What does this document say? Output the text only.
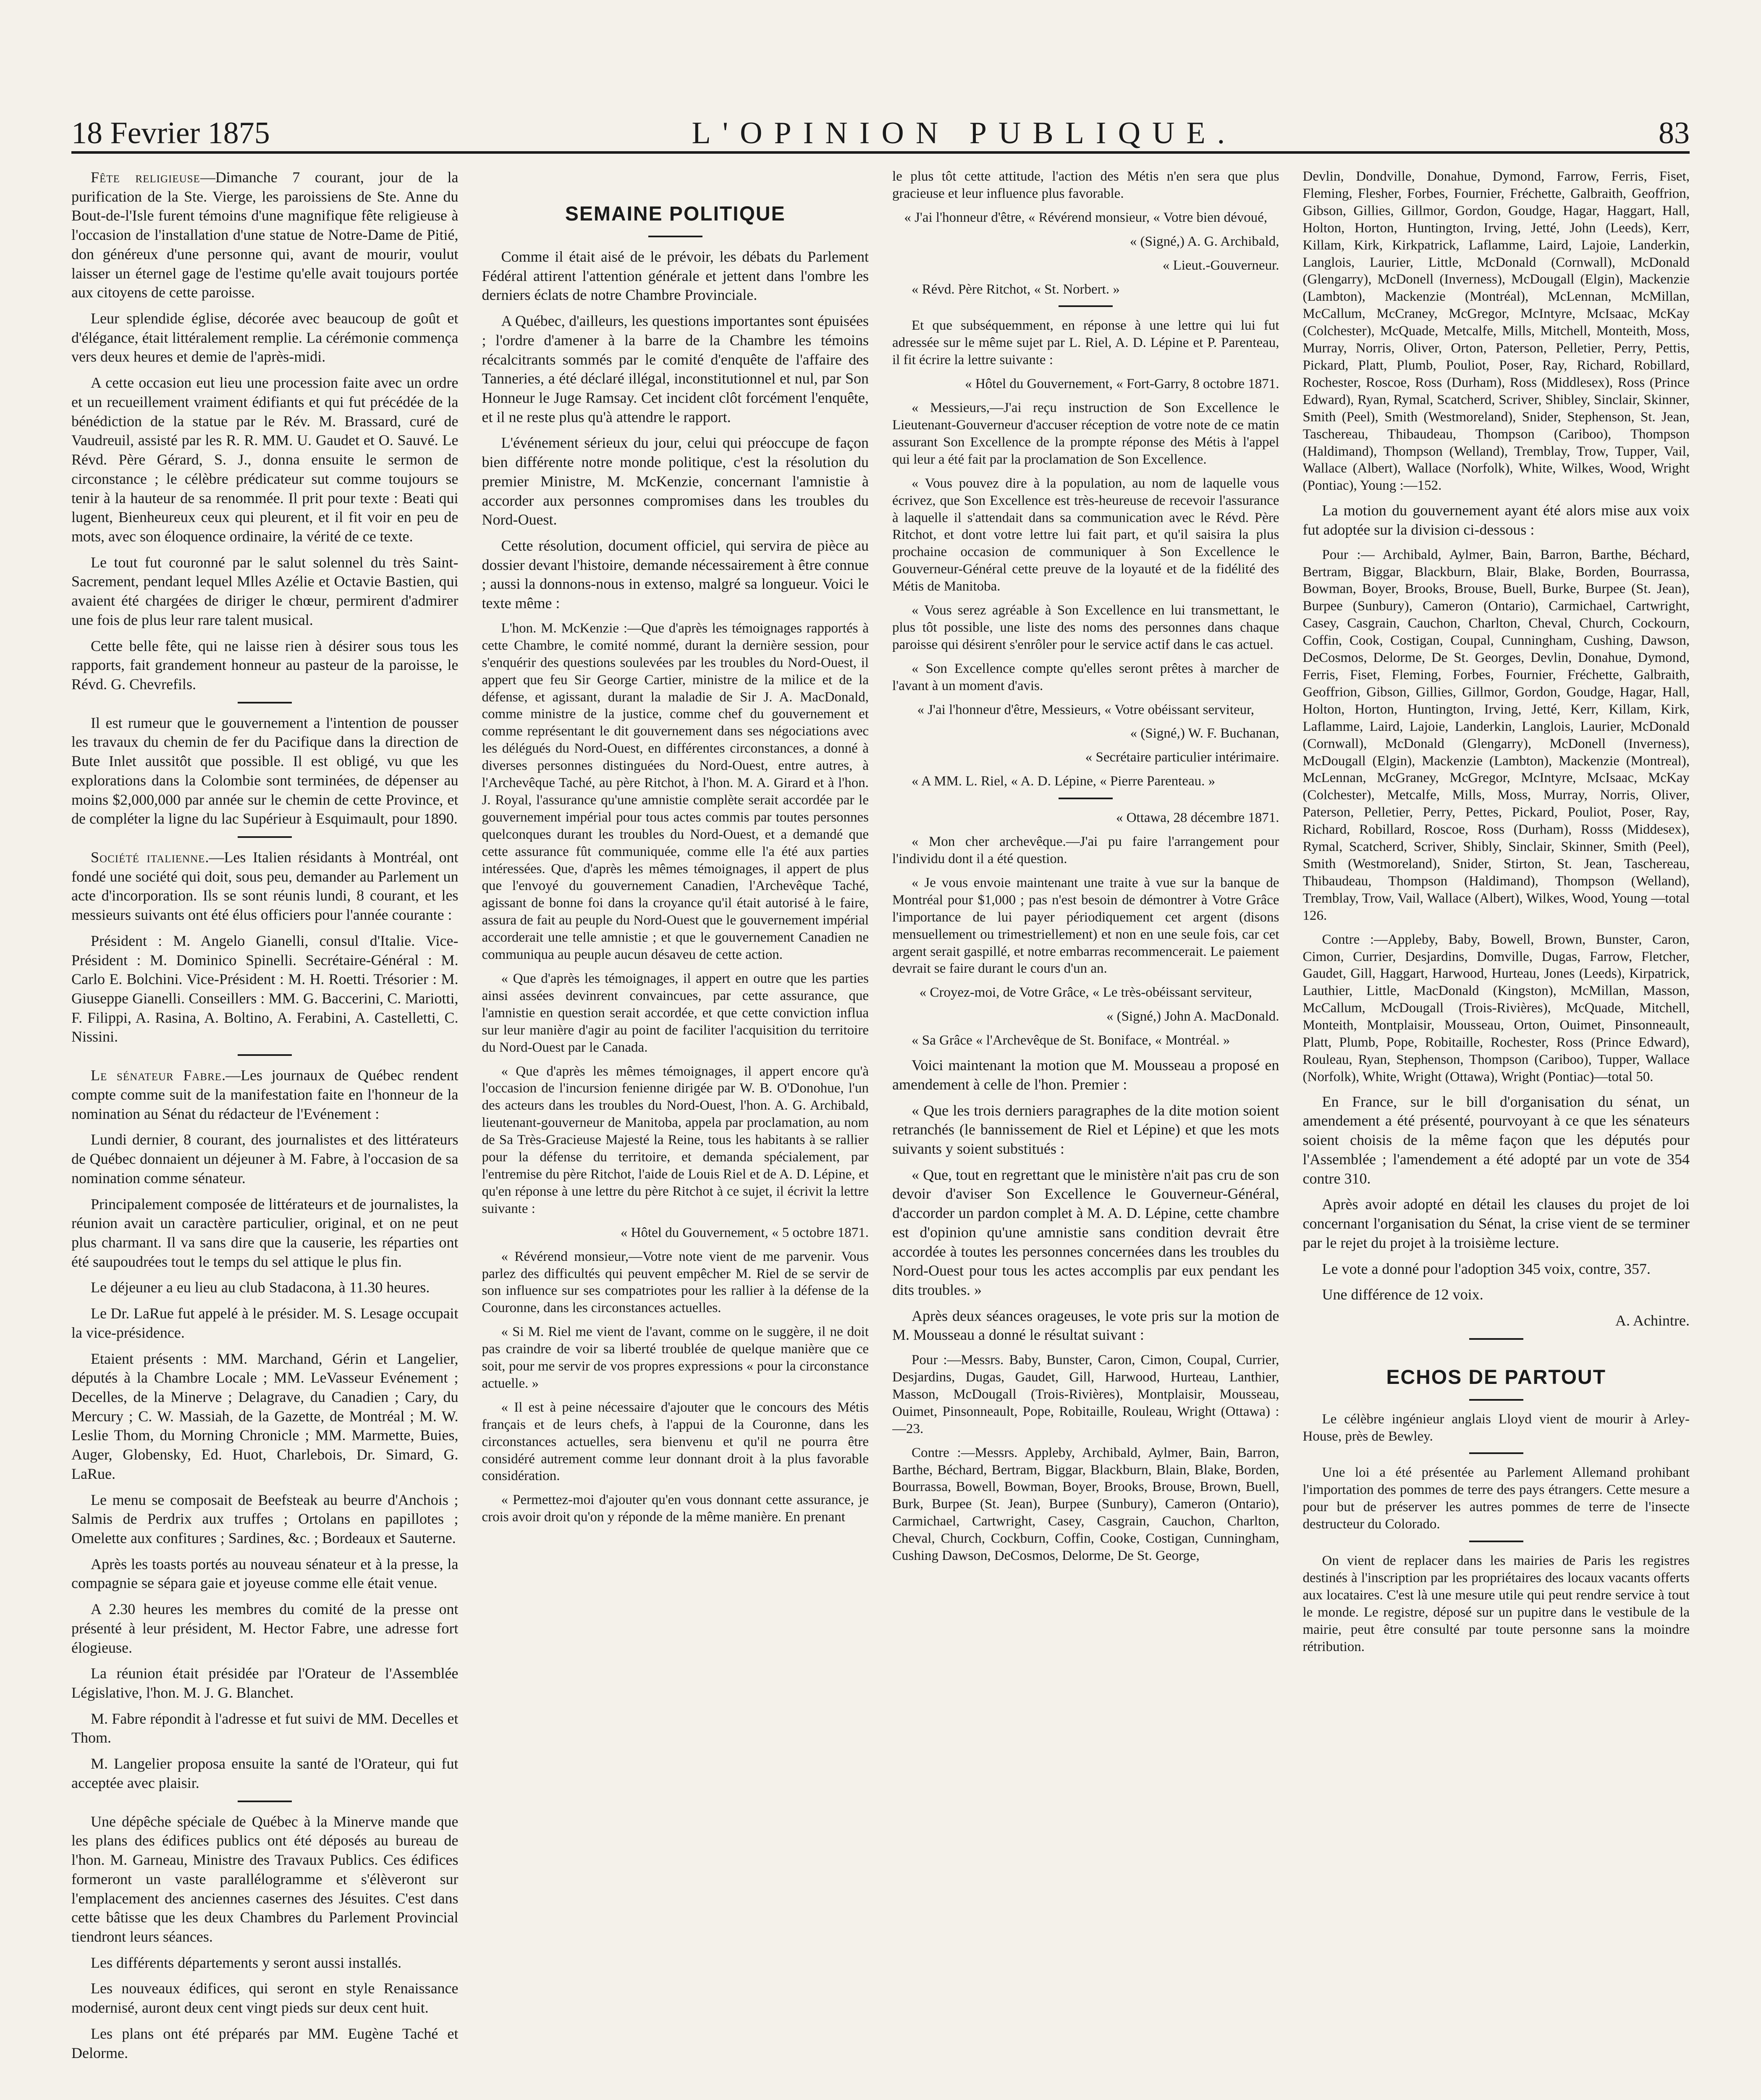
18 Fevrier 1875	L'OPINION PUBLIQUE.	83

Fête religieuse—Dimanche 7 courant, jour de la purification de la Ste. Vierge, les paroissiens de Ste. Anne du Bout-de-l'Isle furent témoins d'une magnifique fête religieuse à l'occasion de l'installation d'une statue de Notre-Dame de Pitié, don généreux d'une personne qui, avant de mourir, voulut laisser un éternel gage de l'estime qu'elle avait toujours portée aux citoyens de cette paroisse.

Leur splendide église, décorée avec beaucoup de goût et d'élégance, était littéralement remplie. La cérémonie commença vers deux heures et demie de l'après-midi.

A cette occasion eut lieu une procession faite avec un ordre et un recueillement vraiment édifiants et qui fut précédée de la bénédiction de la statue par le Rév. M. Brassard, curé de Vaudreuil, assisté par les R. R. MM. U. Gaudet et O. Sauvé. Le Révd. Père Gérard, S. J., donna ensuite le sermon de circonstance ; le célèbre prédicateur sut comme toujours se tenir à la hauteur de sa renommée. Il prit pour texte : Beati qui lugent, Bienheureux ceux qui pleurent, et il fit voir en peu de mots, avec son éloquence ordinaire, la vérité de ce texte.

Le tout fut couronné par le salut solennel du très Saint-Sacrement, pendant lequel Mlles Azélie et Octavie Bastien, qui avaient été chargées de diriger le chœur, permirent d'admirer une fois de plus leur rare talent musical.

Cette belle fête, qui ne laisse rien à désirer sous tous les rapports, fait grandement honneur au pasteur de la paroisse, le Révd. G. Chevrefils.

Il est rumeur que le gouvernement a l'intention de pousser les travaux du chemin de fer du Pacifique dans la direction de Bute Inlet aussitôt que possible. Il est obligé, vu que les explorations dans la Colombie sont terminées, de dépenser au moins $2,000,000 par année sur le chemin de cette Province, et de compléter la ligne du lac Supérieur à Esquimault, pour 1890.

Société italienne.—Les Italien résidants à Montréal, ont fondé une société qui doit, sous peu, demander au Parlement un acte d'incorporation. Ils se sont réunis lundi, 8 courant, et les messieurs suivants ont été élus officiers pour l'année courante :

Président : M. Angelo Gianelli, consul d'Italie. Vice-Président : M. Dominico Spinelli. Secrétaire-Général : M. Carlo E. Bolchini. Vice-Président : M. H. Roetti. Trésorier : M. Giuseppe Gianelli. Conseillers : MM. G. Baccerini, C. Mariotti, F. Filippi, A. Rasina, A. Boltino, A. Ferabini, A. Castelletti, C. Nissini.

Le sénateur Fabre.—Les journaux de Québec rendent compte comme suit de la manifestation faite en l'honneur de la nomination au Sénat du rédacteur de l'Evénement :

Lundi dernier, 8 courant, des journalistes et des littérateurs de Québec donnaient un déjeuner à M. Fabre, à l'occasion de sa nomination comme sénateur.

Principalement composée de littérateurs et de journalistes, la réunion avait un caractère particulier, original, et on ne peut plus charmant. Il va sans dire que la causerie, les réparties ont été saupoudrées tout le temps du sel attique le plus fin.

Le déjeuner a eu lieu au club Stadacona, à 11.30 heures.

Le Dr. LaRue fut appelé à le présider. M. S. Lesage occupait la vice-présidence.

Etaient présents : MM. Marchand, Gérin et Langelier, députés à la Chambre Locale ; MM. LeVasseur Evénement ; Decelles, de la Minerve ; Delagrave, du Canadien ; Cary, du Mercury ; C. W. Massiah, de la Gazette, de Montréal ; M. W. Leslie Thom, du Morning Chronicle ; MM. Marmette, Buies, Auger, Globensky, Ed. Huot, Charlebois, Dr. Simard, G. LaRue.

Le menu se composait de Beefsteak au beurre d'Anchois ; Salmis de Perdrix aux truffes ; Ortolans en papillotes ; Omelette aux confitures ; Sardines, &c. ; Bordeaux et Sauterne.

Après les toasts portés au nouveau sénateur et à la presse, la compagnie se sépara gaie et joyeuse comme elle était venue.

A 2.30 heures les membres du comité de la presse ont présenté à leur président, M. Hector Fabre, une adresse fort élogieuse.

La réunion était présidée par l'Orateur de l'Assemblée Législative, l'hon. M. J. G. Blanchet.

M. Fabre répondit à l'adresse et fut suivi de MM. Decelles et Thom.

M. Langelier proposa ensuite la santé de l'Orateur, qui fut acceptée avec plaisir.

Une dépêche spéciale de Québec à la Minerve mande que les plans des édifices publics ont été déposés au bureau de l'hon. M. Garneau, Ministre des Travaux Publics. Ces édifices formeront un vaste parallélogramme et s'élèveront sur l'emplacement des anciennes casernes des Jésuites. C'est dans cette bâtisse que les deux Chambres du Parlement Provincial tiendront leurs séances.

Les différents départements y seront aussi installés.

Les nouveaux édifices, qui seront en style Renaissance modernisé, auront deux cent vingt pieds sur deux cent huit.

Les plans ont été préparés par MM. Eugène Taché et Delorme.

SEMAINE POLITIQUE

Comme il était aisé de le prévoir, les débats du Parlement Fédéral attirent l'attention générale et jettent dans l'ombre les derniers éclats de notre Chambre Provinciale.

A Québec, d'ailleurs, les questions importantes sont épuisées ; l'ordre d'amener à la barre de la Chambre les témoins récalcitrants sommés par le comité d'enquête de l'affaire des Tanneries, a été déclaré illégal, inconstitutionnel et nul, par Son Honneur le Juge Ramsay. Cet incident clôt forcément l'enquête, et il ne reste plus qu'à attendre le rapport.

L'événement sérieux du jour, celui qui préoccupe de façon bien différente notre monde politique, c'est la résolution du premier Ministre, M. McKenzie, concernant l'amnistie à accorder aux personnes compromises dans les troubles du Nord-Ouest.

Cette résolution, document officiel, qui servira de pièce au dossier devant l'histoire, demande nécessairement à être connue ; aussi la donnons-nous in extenso, malgré sa longueur. Voici le texte même :

L'hon. M. McKenzie :—Que d'après les témoignages rapportés à cette Chambre, le comité nommé, durant la dernière session, pour s'enquérir des questions soulevées par les troubles du Nord-Ouest, il appert que feu Sir George Cartier, ministre de la milice et de la défense, et agissant, durant la maladie de Sir J. A. MacDonald, comme ministre de la justice, comme chef du gouvernement et comme représentant le dit gouvernement dans ses négociations avec les délégués du Nord-Ouest, en différentes circonstances, a donné à diverses personnes distinguées du Nord-Ouest, entre autres, à l'Archevêque Taché, au père Ritchot, à l'hon. M. A. Girard et à l'hon. J. Royal, l'assurance qu'une amnistie complète serait accordée par le gouvernement impérial pour tous actes commis par toutes personnes quelconques durant les troubles du Nord-Ouest, et a demandé que cette assurance fût communiquée, comme elle l'a été aux parties intéressées. Que, d'après les mêmes témoignages, il appert de plus que l'envoyé du gouvernement Canadien, l'Archevêque Taché, agissant de bonne foi dans la croyance qu'il était autorisé à le faire, assura de fait au peuple du Nord-Ouest que le gouvernement impérial accorderait une telle amnistie ; et que le gouvernement Canadien ne communiqua au peuple aucun désaveu de cette action.

« Que d'après les témoignages, il appert en outre que les parties ainsi assées devinrent convaincues, par cette assurance, que l'amnistie en question serait accordée, et que cette conviction influa sur leur manière d'agir au point de faciliter l'acquisition du territoire du Nord-Ouest par le Canada.

« Que d'après les mêmes témoignages, il appert encore qu'à l'occasion de l'incursion fenienne dirigée par W. B. O'Donohue, l'un des acteurs dans les troubles du Nord-Ouest, l'hon. A. G. Archibald, lieutenant-gouverneur de Manitoba, appela par proclamation, au nom de Sa Très-Gracieuse Majesté la Reine, tous les habitants à se rallier pour la défense du territoire, et demanda spécialement, par l'entremise du père Ritchot, l'aide de Louis Riel et de A. D. Lépine, et qu'en réponse à une lettre du père Ritchot à ce sujet, il écrivit la lettre suivante :

« Hôtel du Gouvernement, « 5 octobre 1871.

« Révérend monsieur,—Votre note vient de me parvenir. Vous parlez des difficultés qui peuvent empêcher M. Riel de se servir de son influence sur ses compatriotes pour les rallier à la défense de la Couronne, dans les circonstances actuelles.

« Si M. Riel me vient de l'avant, comme on le suggère, il ne doit pas craindre de voir sa liberté troublée de quelque manière que ce soit, pour me servir de vos propres expressions « pour la circonstance actuelle. »

« Il est à peine nécessaire d'ajouter que le concours des Métis français et de leurs chefs, à l'appui de la Couronne, dans les circonstances actuelles, sera bienvenu et qu'il ne pourra être considéré autrement comme leur donnant droit à la plus favorable considération.

« Permettez-moi d'ajouter qu'en vous donnant cette assurance, je crois avoir droit qu'on y réponde de la même manière. En prenant

le plus tôt cette attitude, l'action des Métis n'en sera que plus gracieuse et leur influence plus favorable.

« J'ai l'honneur d'être, « Révérend monsieur, « Votre bien dévoué,

« (Signé,) A. G. Archibald,

« Lieut.-Gouverneur.

« Révd. Père Ritchot, « St. Norbert. »

Et que subséquemment, en réponse à une lettre qui lui fut adressée sur le même sujet par L. Riel, A. D. Lépine et P. Parenteau, il fit écrire la lettre suivante :

« Hôtel du Gouvernement, « Fort-Garry, 8 octobre 1871.

« Messieurs,—J'ai reçu instruction de Son Excellence le Lieutenant-Gouverneur d'accuser réception de votre note de ce matin assurant Son Excellence de la prompte réponse des Métis à l'appel qui leur a été fait par la proclamation de Son Excellence.

« Vous pouvez dire à la population, au nom de laquelle vous écrivez, que Son Excellence est très-heureuse de recevoir l'assurance à laquelle il s'attendait dans sa communication avec le Révd. Père Ritchot, et dont votre lettre lui fait part, et qu'il saisira la plus prochaine occasion de communiquer à Son Excellence le Gouverneur-Général cette preuve de la loyauté et de la fidélité des Métis de Manitoba.

« Vous serez agréable à Son Excellence en lui transmettant, le plus tôt possible, une liste des noms des personnes dans chaque paroisse qui désirent s'enrôler pour le service actif dans le cas actuel.

« Son Excellence compte qu'elles seront prêtes à marcher de l'avant à un moment d'avis.

« J'ai l'honneur d'être, Messieurs, « Votre obéissant serviteur,

« (Signé,) W. F. Buchanan,

« Secrétaire particulier intérimaire.

« A MM. L. Riel, « A. D. Lépine, « Pierre Parenteau. »

« Ottawa, 28 décembre 1871.

« Mon cher archevêque.—J'ai pu faire l'arrangement pour l'individu dont il a été question.

« Je vous envoie maintenant une traite à vue sur la banque de Montréal pour $1,000 ; pas n'est besoin de démontrer à Votre Grâce l'importance de lui payer périodiquement cet argent (disons mensuellement ou trimestriellement) et non en une seule fois, car cet argent serait gaspillé, et notre embarras recommencerait. Le paiement devrait se faire durant le cours d'un an.

« Croyez-moi, de Votre Grâce, « Le très-obéissant serviteur,

« (Signé,) John A. MacDonald.

« Sa Grâce « l'Archevêque de St. Boniface, « Montréal. »

Voici maintenant la motion que M. Mousseau a proposé en amendement à celle de l'hon. Premier :

« Que les trois derniers paragraphes de la dite motion soient retranchés (le bannissement de Riel et Lépine) et que les mots suivants y soient substitués :

« Que, tout en regrettant que le ministère n'ait pas cru de son devoir d'aviser Son Excellence le Gouverneur-Général, d'accorder un pardon complet à M. A. D. Lépine, cette chambre est d'opinion qu'une amnistie sans condition devrait être accordée à toutes les personnes concernées dans les troubles du Nord-Ouest pour tous les actes accomplis par eux pendant les dits troubles. »

Après deux séances orageuses, le vote pris sur la motion de M. Mousseau a donné le résultat suivant :

Pour :—Messrs. Baby, Bunster, Caron, Cimon, Coupal, Currier, Desjardins, Dugas, Gaudet, Gill, Harwood, Hurteau, Lanthier, Masson, McDougall (Trois-Rivières), Montplaisir, Mousseau, Ouimet, Pinsonneault, Pope, Robitaille, Rouleau, Wright (Ottawa) :—23.

Contre :—Messrs. Appleby, Archibald, Aylmer, Bain, Barron, Barthe, Béchard, Bertram, Biggar, Blackburn, Blain, Blake, Borden, Bourrassa, Bowell, Bowman, Boyer, Brooks, Brouse, Brown, Buell, Burk, Burpee (St. Jean), Burpee (Sunbury), Cameron (Ontario), Carmichael, Cartwright, Casey, Casgrain, Cauchon, Charlton, Cheval, Church, Cockburn, Coffin, Cooke, Costigan, Cunningham, Cushing Dawson, DeCosmos, Delorme, De St. George,

Devlin, Dondville, Donahue, Dymond, Farrow, Ferris, Fiset, Fleming, Flesher, Forbes, Fournier, Fréchette, Galbraith, Geoffrion, Gibson, Gillies, Gillmor, Gordon, Goudge, Hagar, Haggart, Hall, Holton, Horton, Huntington, Irving, Jetté, John (Leeds), Kerr, Killam, Kirk, Kirkpatrick, Laflamme, Laird, Lajoie, Landerkin, Langlois, Laurier, Little, McDonald (Cornwall), McDonald (Glengarry), McDonell (Inverness), McDougall (Elgin), Mackenzie (Lambton), Mackenzie (Montréal), McLennan, McMillan, McCallum, McCraney, McGregor, McIntyre, McIsaac, McKay (Colchester), McQuade, Metcalfe, Mills, Mitchell, Monteith, Moss, Murray, Norris, Oliver, Orton, Paterson, Pelletier, Perry, Pettis, Pickard, Platt, Plumb, Pouliot, Poser, Ray, Richard, Robillard, Rochester, Roscoe, Ross (Durham), Ross (Middlesex), Ross (Prince Edward), Ryan, Rymal, Scatcherd, Scriver, Shibley, Sinclair, Skinner, Smith (Peel), Smith (Westmoreland), Snider, Stephenson, St. Jean, Taschereau, Thibaudeau, Thompson (Cariboo), Thompson (Haldimand), Thompson (Welland), Tremblay, Trow, Tupper, Vail, Wallace (Albert), Wallace (Norfolk), White, Wilkes, Wood, Wright (Pontiac), Young :—152.

La motion du gouvernement ayant été alors mise aux voix fut adoptée sur la division ci-dessous :

Pour :— Archibald, Aylmer, Bain, Barron, Barthe, Béchard, Bertram, Biggar, Blackburn, Blair, Blake, Borden, Bourrassa, Bowman, Boyer, Brooks, Brouse, Buell, Burke, Burpee (St. Jean), Burpee (Sunbury), Cameron (Ontario), Carmichael, Cartwright, Casey, Casgrain, Cauchon, Charlton, Cheval, Church, Cockourn, Coffin, Cook, Costigan, Coupal, Cunningham, Cushing, Dawson, DeCosmos, Delorme, De St. Georges, Devlin, Donahue, Dymond, Ferris, Fiset, Fleming, Forbes, Fournier, Fréchette, Galbraith, Geoffrion, Gibson, Gillies, Gillmor, Gordon, Goudge, Hagar, Hall, Holton, Horton, Huntington, Irving, Jetté, Kerr, Killam, Kirk, Laflamme, Laird, Lajoie, Landerkin, Langlois, Laurier, McDonald (Cornwall), McDonald (Glengarry), McDonell (Inverness), McDougall (Elgin), Mackenzie (Lambton), Mackenzie (Montreal), McLennan, McGraney, McGregor, McIntyre, McIsaac, McKay (Colchester), Metcalfe, Mills, Moss, Murray, Norris, Oliver, Paterson, Pelletier, Perry, Pettes, Pickard, Pouliot, Poser, Ray, Richard, Robillard, Roscoe, Ross (Durham), Rosss (Middesex), Rymal, Scatcherd, Scriver, Shibly, Sinclair, Skinner, Smith (Peel), Smith (Westmoreland), Snider, Stirton, St. Jean, Taschereau, Thibaudeau, Thompson (Haldimand), Thompson (Welland), Tremblay, Trow, Vail, Wallace (Albert), Wilkes, Wood, Young —total 126.

Contre :—Appleby, Baby, Bowell, Brown, Bunster, Caron, Cimon, Currier, Desjardins, Domville, Dugas, Farrow, Fletcher, Gaudet, Gill, Haggart, Harwood, Hurteau, Jones (Leeds), Kirpatrick, Lauthier, Little, MacDonald (Kingston), McMillan, Masson, McCallum, McDougall (Trois-Rivières), McQuade, Mitchell, Monteith, Montplaisir, Mousseau, Orton, Ouimet, Pinsonneault, Platt, Plumb, Pope, Robitaille, Rochester, Ross (Prince Edward), Rouleau, Ryan, Stephenson, Thompson (Cariboo), Tupper, Wallace (Norfolk), White, Wright (Ottawa), Wright (Pontiac)—total 50.

En France, sur le bill d'organisation du sénat, un amendement a été présenté, pourvoyant à ce que les sénateurs soient choisis de la même façon que les députés pour l'Assemblée ; l'amendement a été adopté par un vote de 354 contre 310.

Après avoir adopté en détail les clauses du projet de loi concernant l'organisation du Sénat, la crise vient de se terminer par le rejet du projet à la troisième lecture.

Le vote a donné pour l'adoption 345 voix, contre, 357.

Une différence de 12 voix.

A. Achintre.

ECHOS DE PARTOUT

Le célèbre ingénieur anglais Lloyd vient de mourir à Arley-House, près de Bewley.

Une loi a été présentée au Parlement Allemand prohibant l'importation des pommes de terre des pays étrangers. Cette mesure a pour but de préserver les autres pommes de terre de l'insecte destructeur du Colorado.

On vient de replacer dans les mairies de Paris les registres destinés à l'inscription par les propriétaires des locaux vacants offerts aux locataires. C'est là une mesure utile qui peut rendre service à tout le monde. Le registre, déposé sur un pupitre dans le vestibule de la mairie, peut être consulté par toute personne sans la moindre rétribution.
